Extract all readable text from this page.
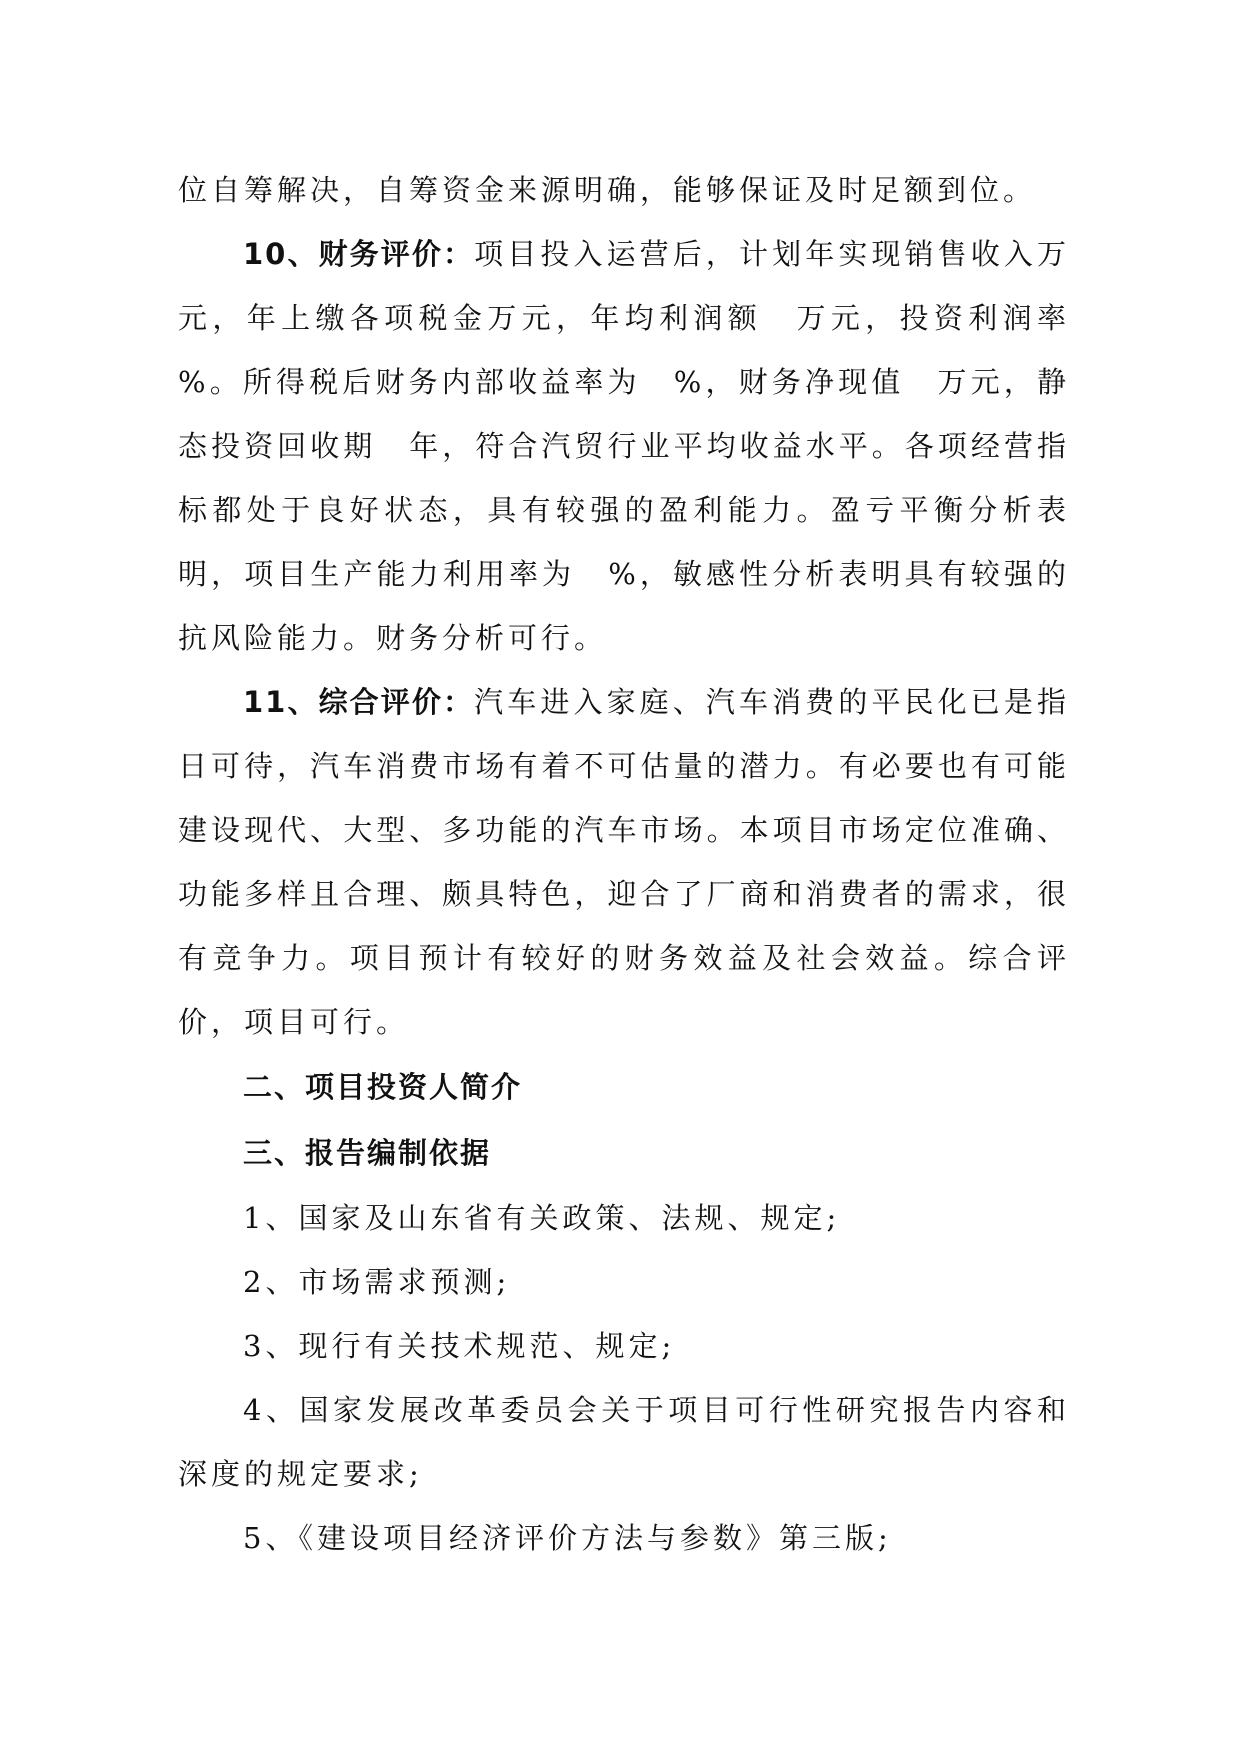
位自筹解决，自筹资金来源明确，能够保证及时足额到位。

10、财务评价：项目投入运营后，计划年实现销售收入万元，年上缴各项税金万元，年均利润额　万元，投资利润率　%。所得税后财务内部收益率为　%，财务净现值　万元，静态投资回收期　年，符合汽贸行业平均收益水平。各项经营指标都处于良好状态，具有较强的盈利能力。盈亏平衡分析表明，项目生产能力利用率为　%，敏感性分析表明具有较强的抗风险能力。财务分析可行。

11、综合评价：汽车进入家庭、汽车消费的平民化已是指日可待，汽车消费市场有着不可估量的潜力。有必要也有可能建设现代、大型、多功能的汽车市场。本项目市场定位准确、功能多样且合理、颇具特色，迎合了厂商和消费者的需求，很有竞争力。项目预计有较好的财务效益及社会效益。综合评价，项目可行。

二、项目投资人简介

三、报告编制依据

1、国家及山东省有关政策、法规、规定;

2、市场需求预测;

3、现行有关技术规范、规定;

4、国家发展改革委员会关于项目可行性研究报告内容和深度的规定要求;

5、《建设项目经济评价方法与参数》第三版;
